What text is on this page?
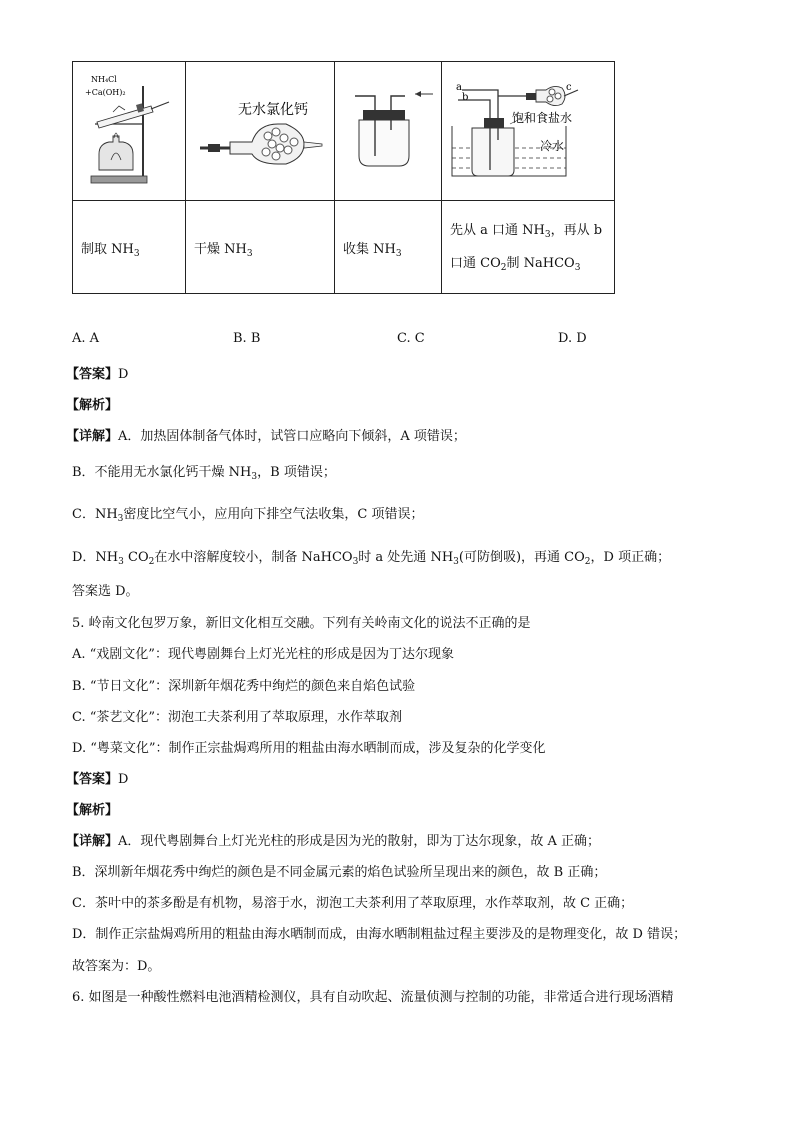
NH₄Cl
+Ca(OH)₂	无水氯化钙		a
b
c
饱和食盐水
冷水

制取 $NH_3$	干燥 $NH_3$	收集 $NH_3$	先从 a 口通 $NH_3$，再从 b
口通 $CO_2$制 NaHCO$_3$
A. A	B. B	C. C	D. D
【答案】D
【解析】
【详解】A．加热固体制备气体时，试管口应略向下倾斜，A 项错误；
B．不能用无水氯化钙干燥 $NH_3$，B 项错误；
C．$NH_3$密度比空气小，应用向下排空气法收集，C 项错误；
D．$NH_3$ $CO_2$在水中溶解度较小，制备 NaHCO$_3$时 a 处先通 $NH_3$(可防倒吸)，再通 $CO_2$，D 项正确；
答案选 D。
5. 岭南文化包罗万象，新旧文化相互交融。下列有关岭南文化的说法不正确的是
A. “戏剧文化”：现代粤剧舞台上灯光光柱的形成是因为丁达尔现象
B. “节日文化”：深圳新年烟花秀中绚烂的颜色来自焰色试验
C. “茶艺文化”：沏泡工夫茶利用了萃取原理，水作萃取剂
D. “粤菜文化”：制作正宗盐焗鸡所用的粗盐由海水晒制而成，涉及复杂的化学变化
【答案】D
【解析】
【详解】A．现代粤剧舞台上灯光光柱的形成是因为光的散射，即为丁达尔现象，故 A 正确；
B．深圳新年烟花秀中绚烂的颜色是不同金属元素的焰色试验所呈现出来的颜色，故 B 正确；
C．茶叶中的茶多酚是有机物，易溶于水，沏泡工夫茶利用了萃取原理，水作萃取剂，故 C 正确；
D．制作正宗盐焗鸡所用的粗盐由海水晒制而成，由海水晒制粗盐过程主要涉及的是物理变化，故 D 错误；
故答案为：D。
6. 如图是一种酸性燃料电池酒精检测仪，具有自动吹起、流量侦测与控制的功能，非常适合进行现场酒精
